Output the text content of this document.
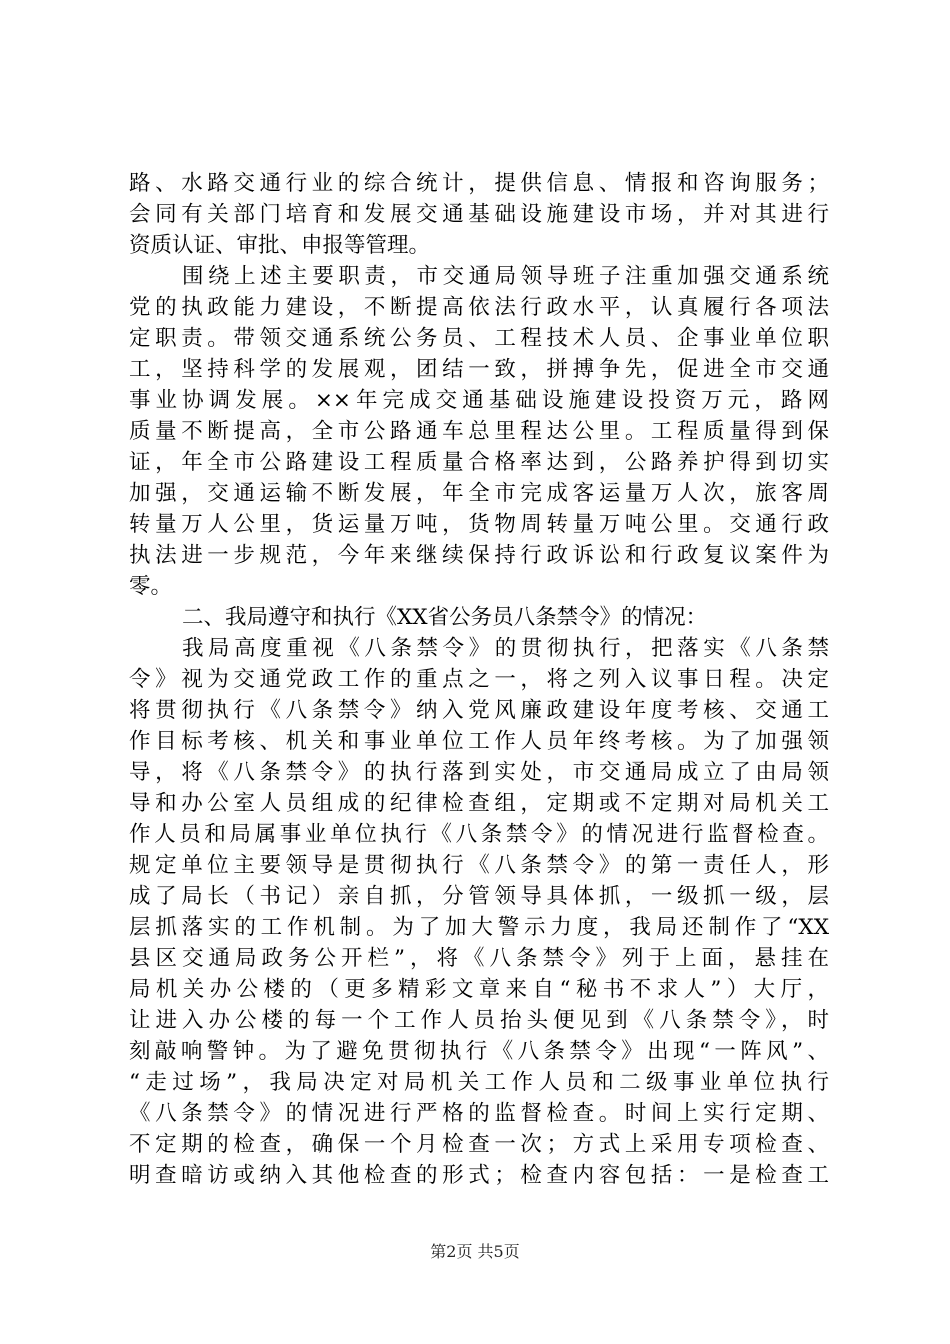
路、水路交通行业的综合统计，提供信息、情报和咨询服务；
会同有关部门培育和发展交通基础设施建设市场，并对其进行
资质认证、审批、申报等管理。
围绕上述主要职责，市交通局领导班子注重加强交通系统
党的执政能力建设，不断提高依法行政水平，认真履行各项法
定职责。带领交通系统公务员、工程技术人员、企事业单位职
工，坚持科学的发展观，团结一致，拼搏争先，促进全市交通
事业协调发展。××年完成交通基础设施建设投资万元，路网
质量不断提高，全市公路通车总里程达公里。工程质量得到保
证，年全市公路建设工程质量合格率达到，公路养护得到切实
加强，交通运输不断发展，年全市完成客运量万人次，旅客周
转量万人公里，货运量万吨，货物周转量万吨公里。交通行政
执法进一步规范，今年来继续保持行政诉讼和行政复议案件为
零。
二、我局遵守和执行《XX省公务员八条禁令》的情况：
我局高度重视《八条禁令》的贯彻执行，把落实《八条禁
令》视为交通党政工作的重点之一，将之列入议事日程。决定
将贯彻执行《八条禁令》纳入党风廉政建设年度考核、交通工
作目标考核、机关和事业单位工作人员年终考核。为了加强领
导，将《八条禁令》的执行落到实处，市交通局成立了由局领
导和办公室人员组成的纪律检查组，定期或不定期对局机关工
作人员和局属事业单位执行《八条禁令》的情况进行监督检查。
规定单位主要领导是贯彻执行《八条禁令》的第一责任人，形
成了局长（书记）亲自抓，分管领导具体抓，一级抓一级，层
层抓落实的工作机制。为了加大警示力度，我局还制作了“XX
县区交通局政务公开栏”，将《八条禁令》列于上面，悬挂在
局机关办公楼的（更多精彩文章来自“秘书不求人”）大厅，
让进入办公楼的每一个工作人员抬头便见到《八条禁令》，时
刻敲响警钟。为了避免贯彻执行《八条禁令》出现“一阵风”、
“走过场”，我局决定对局机关工作人员和二级事业单位执行
《八条禁令》的情况进行严格的监督检查。时间上实行定期、
不定期的检查，确保一个月检查一次；方式上采用专项检查、
明查暗访或纳入其他检查的形式；检查内容包括：一是检查工
第2页 共5页
